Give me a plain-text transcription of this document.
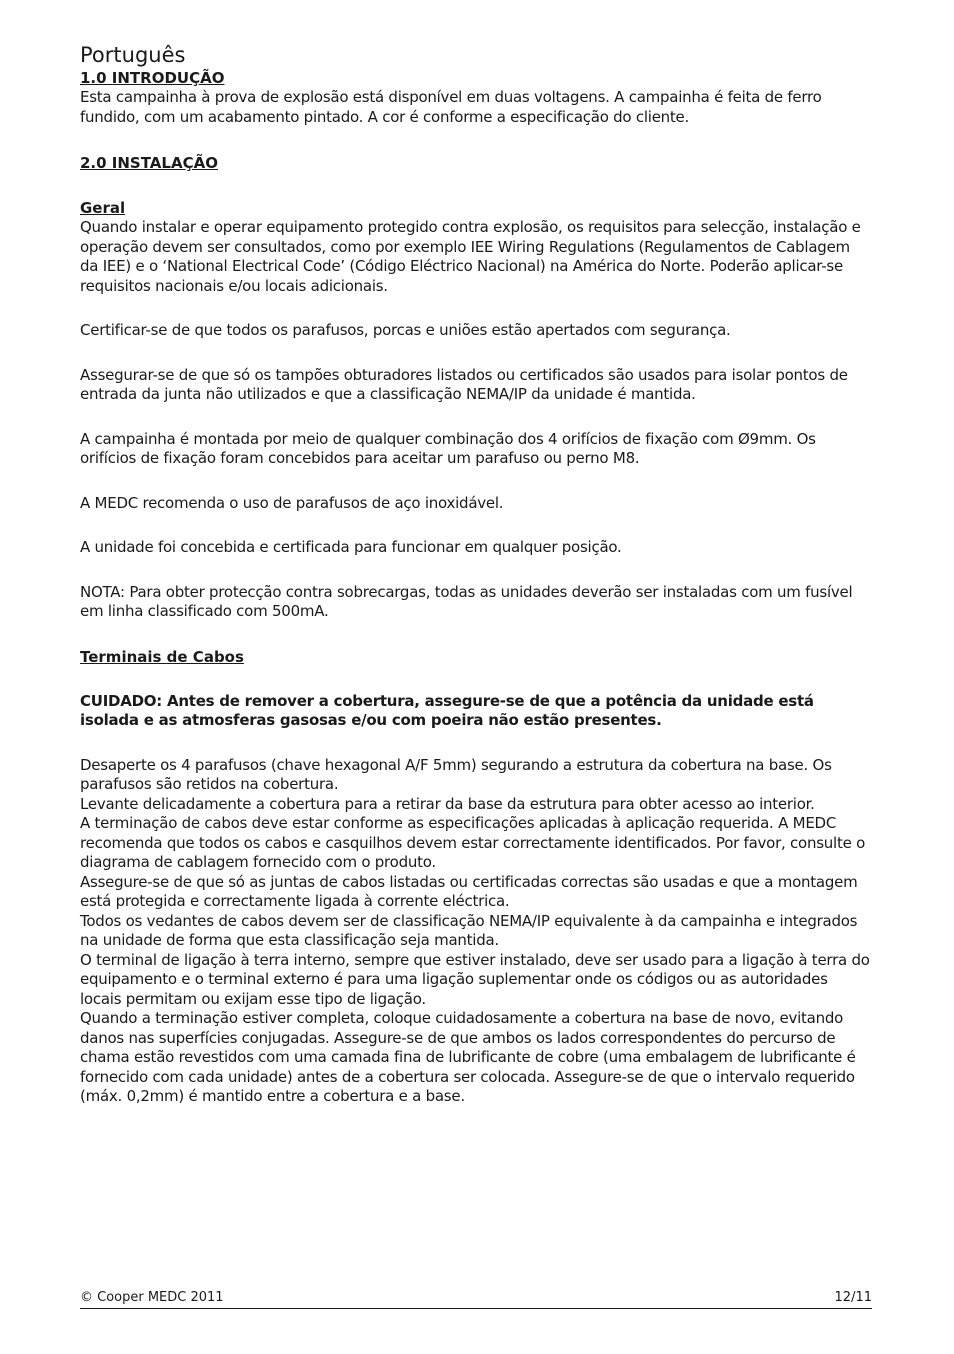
Português
1.0 INTRODUÇÃO

Esta campainha à prova de explosão está disponível em duas voltagens. A campainha é feita de ferro fundido, com um acabamento pintado. A cor é conforme a especificação do cliente.

2.0 INSTALAÇÃO
Geral

Quando instalar e operar equipamento protegido contra explosão, os requisitos para selecção, instalação e operação devem ser consultados, como por exemplo IEE Wiring Regulations (Regulamentos de Cablagem da IEE) e o ‘National Electrical Code’ (Código Eléctrico Nacional) na América do Norte. Poderão aplicar-se requisitos nacionais e/ou locais adicionais.

Certificar-se de que todos os parafusos, porcas e uniões estão apertados com segurança.

Assegurar-se de que só os tampões obturadores listados ou certificados são usados para isolar pontos de entrada da junta não utilizados e que a classificação NEMA/IP da unidade é mantida.

A campainha é montada por meio de qualquer combinação dos 4 orifícios de fixação com Ø9mm. Os orifícios de fixação foram concebidos para aceitar um parafuso ou perno M8.

A MEDC recomenda o uso de parafusos de aço inoxidável.

A unidade foi concebida e certificada para funcionar em qualquer posição.

NOTA: Para obter protecção contra sobrecargas, todas as unidades deverão ser instaladas com um fusível em linha classificado com 500mA.

Terminais de Cabos

CUIDADO: Antes de remover a cobertura, assegure-se de que a potência da unidade está isolada e as atmosferas gasosas e/ou com poeira não estão presentes.

Desaperte os 4 parafusos (chave hexagonal A/F 5mm) segurando a estrutura da cobertura na base. Os parafusos são retidos na cobertura.

Levante delicadamente a cobertura para a retirar da base da estrutura para obter acesso ao interior.

A terminação de cabos deve estar conforme as especificações aplicadas à aplicação requerida. A MEDC recomenda que todos os cabos e casquilhos devem estar correctamente identificados. Por favor, consulte o diagrama de cablagem fornecido com o produto.

Assegure-se de que só as juntas de cabos listadas ou certificadas correctas são usadas e que a montagem está protegida e correctamente ligada à corrente eléctrica.

Todos os vedantes de cabos devem ser de classificação NEMA/IP equivalente à da campainha e integrados na unidade de forma que esta classificação seja mantida.

O terminal de ligação à terra interno, sempre que estiver instalado, deve ser usado para a ligação à terra do equipamento e o terminal externo é para uma ligação suplementar onde os códigos ou as autoridades locais permitam ou exijam esse tipo de ligação.

Quando a terminação estiver completa, coloque cuidadosamente a cobertura na base de novo, evitando danos nas superfícies conjugadas. Assegure-se de que ambos os lados correspondentes do percurso de chama estão revestidos com uma camada fina de lubrificante de cobre (uma embalagem de lubrificante é fornecido com cada unidade) antes de a cobertura ser colocada. Assegure-se de que o intervalo requerido (máx. 0,2mm) é mantido entre a cobertura e a base.

© Cooper MEDC 2011	12/11
